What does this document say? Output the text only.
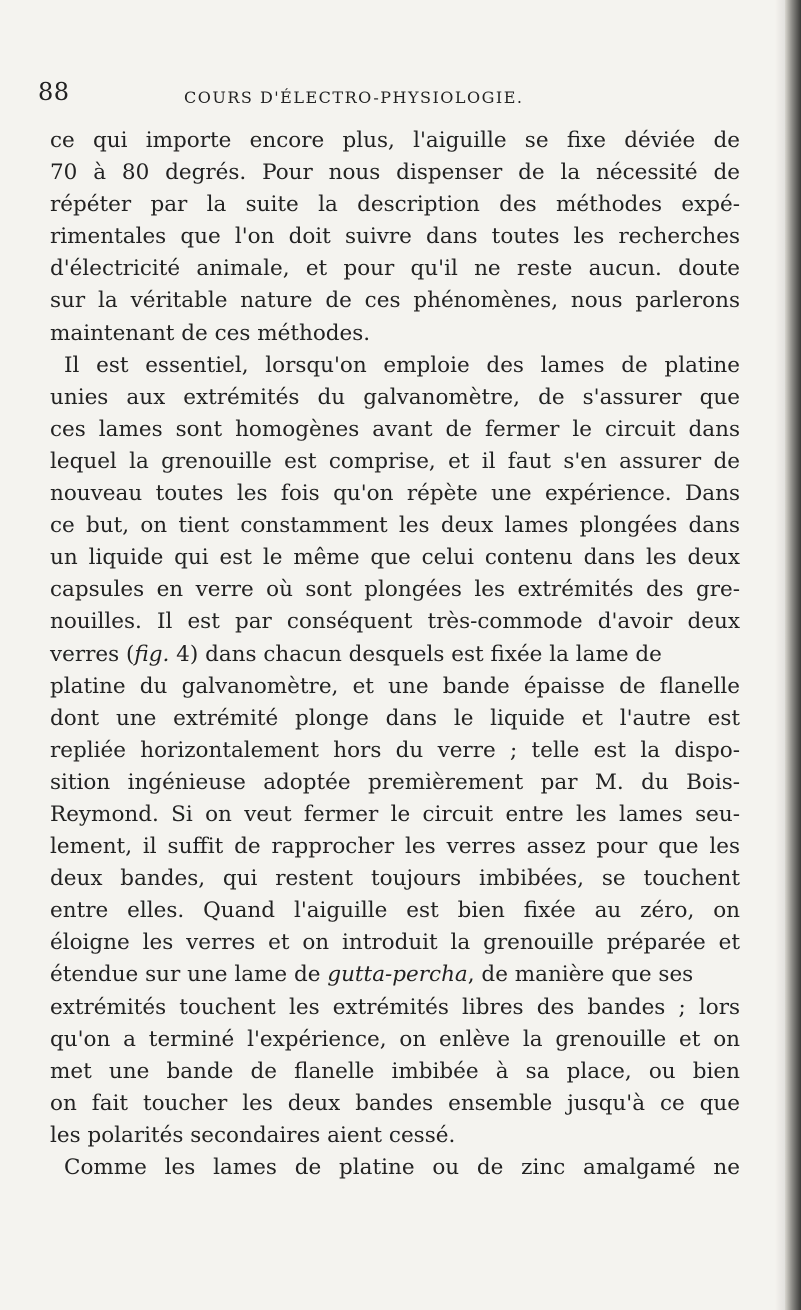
88	COURS D'ÉLECTRO-PHYSIOLOGIE.
ce qui importe encore plus, l'aiguille se fixe déviée de
70 à 80 degrés. Pour nous dispenser de la nécessité de
répéter par la suite la description des méthodes expé-
rimentales que l'on doit suivre dans toutes les recherches
d'électricité animale, et pour qu'il ne reste aucun. doute
sur la véritable nature de ces phénomènes, nous parlerons
maintenant de ces méthodes.
Il est essentiel, lorsqu'on emploie des lames de platine
unies aux extrémités du galvanomètre, de s'assurer que
ces lames sont homogènes avant de fermer le circuit dans
lequel la grenouille est comprise, et il faut s'en assurer de
nouveau toutes les fois qu'on répète une expérience. Dans
ce but, on tient constamment les deux lames plongées dans
un liquide qui est le même que celui contenu dans les deux
capsules en verre où sont plongées les extrémités des gre-
nouilles. Il est par conséquent très-commode d'avoir deux
verres (fig. 4) dans chacun desquels est fixée la lame de
platine du galvanomètre, et une bande épaisse de flanelle
dont une extrémité plonge dans le liquide et l'autre est
repliée horizontalement hors du verre ; telle est la dispo-
sition ingénieuse adoptée premièrement par M. du Bois-
Reymond. Si on veut fermer le circuit entre les lames seu-
lement, il suffit de rapprocher les verres assez pour que les
deux bandes, qui restent toujours imbibées, se touchent
entre elles. Quand l'aiguille est bien fixée au zéro, on
éloigne les verres et on introduit la grenouille préparée et
étendue sur une lame de gutta-percha, de manière que ses
extrémités touchent les extrémités libres des bandes ; lors
qu'on a terminé l'expérience, on enlève la grenouille et on
met une bande de flanelle imbibée à sa place, ou bien
on fait toucher les deux bandes ensemble jusqu'à ce que
les polarités secondaires aient cessé.
Comme les lames de platine ou de zinc amalgamé ne
